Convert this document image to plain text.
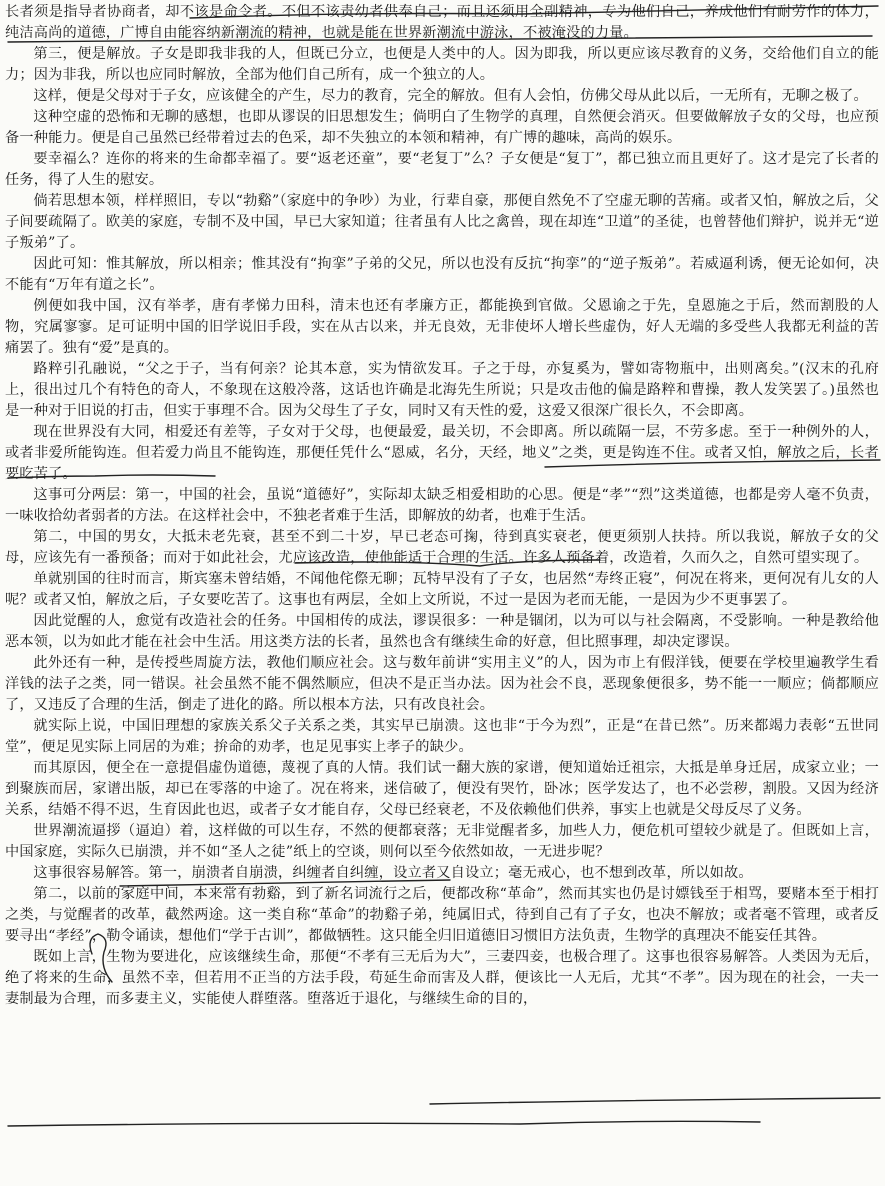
长者须是指导者协商者，却不该是命令者。不但不该责幼者供奉自己；而且还须用全副精神，专为他们自己，养成他们有耐劳作的体力，纯洁高尚的道德，广博自由能容纳新潮流的精神，也就是能在世界新潮流中游泳，不被淹没的力量。

第三，便是解放。子女是即我非我的人，但既已分立，也便是人类中的人。因为即我，所以更应该尽教育的义务，交给他们自立的能力；因为非我，所以也应同时解放，全部为他们自己所有，成一个独立的人。

这样，便是父母对于子女，应该健全的产生，尽力的教育，完全的解放。但有人会怕，仿佛父母从此以后，一无所有，无聊之极了。

这种空虚的恐怖和无聊的感想，也即从谬误的旧思想发生；倘明白了生物学的真理，自然便会消灭。但要做解放子女的父母，也应预备一种能力。便是自己虽然已经带着过去的色采，却不失独立的本领和精神，有广博的趣味，高尚的娱乐。

要幸福么？连你的将来的生命都幸福了。要“返老还童”，要“老复丁”么？子女便是“复丁”，都已独立而且更好了。这才是完了长者的任务，得了人生的慰安。

倘若思想本领，样样照旧，专以“勃谿”（家庭中的争吵）为业，行辈自豪，那便自然免不了空虚无聊的苦痛。或者又怕，解放之后，父子间要疏隔了。欧美的家庭，专制不及中国，早已大家知道；往者虽有人比之禽兽，现在却连“卫道”的圣徒，也曾替他们辩护，说并无“逆子叛弟”了。

因此可知：惟其解放，所以相亲；惟其没有“拘挛”子弟的父兄，所以也没有反抗“拘挛”的“逆子叛弟”。若威逼利诱，便无论如何，决不能有“万年有道之长”。

例便如我中国，汉有举孝，唐有孝悌力田科，清末也还有孝廉方正，都能换到官做。父恩谕之于先，皇恩施之于后，然而割股的人物，究属寥寥。足可证明中国的旧学说旧手段，实在从古以来，并无良效，无非使坏人增长些虚伪，好人无端的多受些人我都无利益的苦痛罢了。独有“爱”是真的。

路粹引孔融说，“父之于子，当有何亲？论其本意，实为情欲发耳。子之于母，亦复奚为，譬如寄物瓶中，出则离矣。”(汉末的孔府上，很出过几个有特色的奇人，不象现在这般冷落，这话也许确是北海先生所说；只是攻击他的偏是路粹和曹操，教人发笑罢了。)虽然也是一种对于旧说的打击，但实于事理不合。因为父母生了子女，同时又有天性的爱，这爱又很深广很长久，不会即离。

现在世界没有大同，相爱还有差等，子女对于父母，也便最爱，最关切，不会即离。所以疏隔一层，不劳多虑。至于一种例外的人，或者非爱所能钩连。但若爱力尚且不能钩连，那便任凭什么“恩威，名分，天经，地义”之类，更是钩连不住。或者又怕，解放之后，长者要吃苦了。

这事可分两层：第一，中国的社会，虽说“道德好”，实际却太缺乏相爱相助的心思。便是“孝”“烈”这类道德，也都是旁人毫不负责，一味收拾幼者弱者的方法。在这样社会中，不独老者难于生活，即解放的幼者，也难于生活。

第二，中国的男女，大抵未老先衰，甚至不到二十岁，早已老态可掬，待到真实衰老，便更须别人扶持。所以我说，解放子女的父母，应该先有一番预备；而对于如此社会，尤应该改造，使他能适于合理的生活。许多人预备着，改造着，久而久之，自然可望实现了。

单就别国的往时而言，斯宾塞未曾结婚，不闻他侘傺无聊；瓦特早没有了子女，也居然“寿终正寝”，何况在将来，更何况有儿女的人呢？或者又怕，解放之后，子女要吃苦了。这事也有两层，全如上文所说，不过一是因为老而无能，一是因为少不更事罢了。

因此觉醒的人，愈觉有改造社会的任务。中国相传的成法，谬误很多：一种是锢闭，以为可以与社会隔离，不受影响。一种是教给他恶本领，以为如此才能在社会中生活。用这类方法的长者，虽然也含有继续生命的好意，但比照事理，却决定谬误。

此外还有一种，是传授些周旋方法，教他们顺应社会。这与数年前讲“实用主义”的人，因为市上有假洋钱，便要在学校里遍教学生看洋钱的法子之类，同一错误。社会虽然不能不偶然顺应，但决不是正当办法。因为社会不良，恶现象便很多，势不能一一顺应；倘都顺应了，又违反了合理的生活，倒走了进化的路。所以根本方法，只有改良社会。

就实际上说，中国旧理想的家族关系父子关系之类，其实早已崩溃。这也非“于今为烈”，正是“在昔已然”。历来都竭力表彰“五世同堂”，便足见实际上同居的为难；拚命的劝孝，也足见事实上孝子的缺少。

而其原因，便全在一意提倡虚伪道德，蔑视了真的人情。我们试一翻大族的家谱，便知道始迁祖宗，大抵是单身迁居，成家立业；一到聚族而居，家谱出版，却已在零落的中途了。况在将来，迷信破了，便没有哭竹，卧冰；医学发达了，也不必尝秽，割股。又因为经济关系，结婚不得不迟，生育因此也迟，或者子女才能自存，父母已经衰老，不及依赖他们供养，事实上也就是父母反尽了义务。

世界潮流逼拶（逼迫）着，这样做的可以生存，不然的便都衰落；无非觉醒者多，加些人力，便危机可望较少就是了。但既如上言，中国家庭，实际久已崩溃，并不如“圣人之徒”纸上的空谈，则何以至今依然如故，一无进步呢？

这事很容易解答。第一，崩溃者自崩溃，纠缠者自纠缠，设立者又自设立；毫无戒心，也不想到改革，所以如故。

第二，以前的家庭中间，本来常有勃谿，到了新名词流行之后，便都改称“革命”，然而其实也仍是讨嫖钱至于相骂，要赌本至于相打之类，与觉醒者的改革，截然两途。这一类自称“革命”的勃谿子弟，纯属旧式，待到自己有了子女，也决不解放；或者毫不管理，或者反要寻出“孝经”，勒令诵读，想他们“学于古训”，都做牺牲。这只能全归旧道德旧习惯旧方法负责，生物学的真理决不能妄任其咎。

既如上言，生物为要进化，应该继续生命，那便“不孝有三无后为大”，三妻四妾，也极合理了。这事也很容易解答。人类因为无后，绝了将来的生命，虽然不幸，但若用不正当的方法手段，苟延生命而害及人群，便该比一人无后，尤其“不孝”。因为现在的社会，一夫一妻制最为合理，而多妻主义，实能使人群堕落。堕落近于退化，与继续生命的目的，
